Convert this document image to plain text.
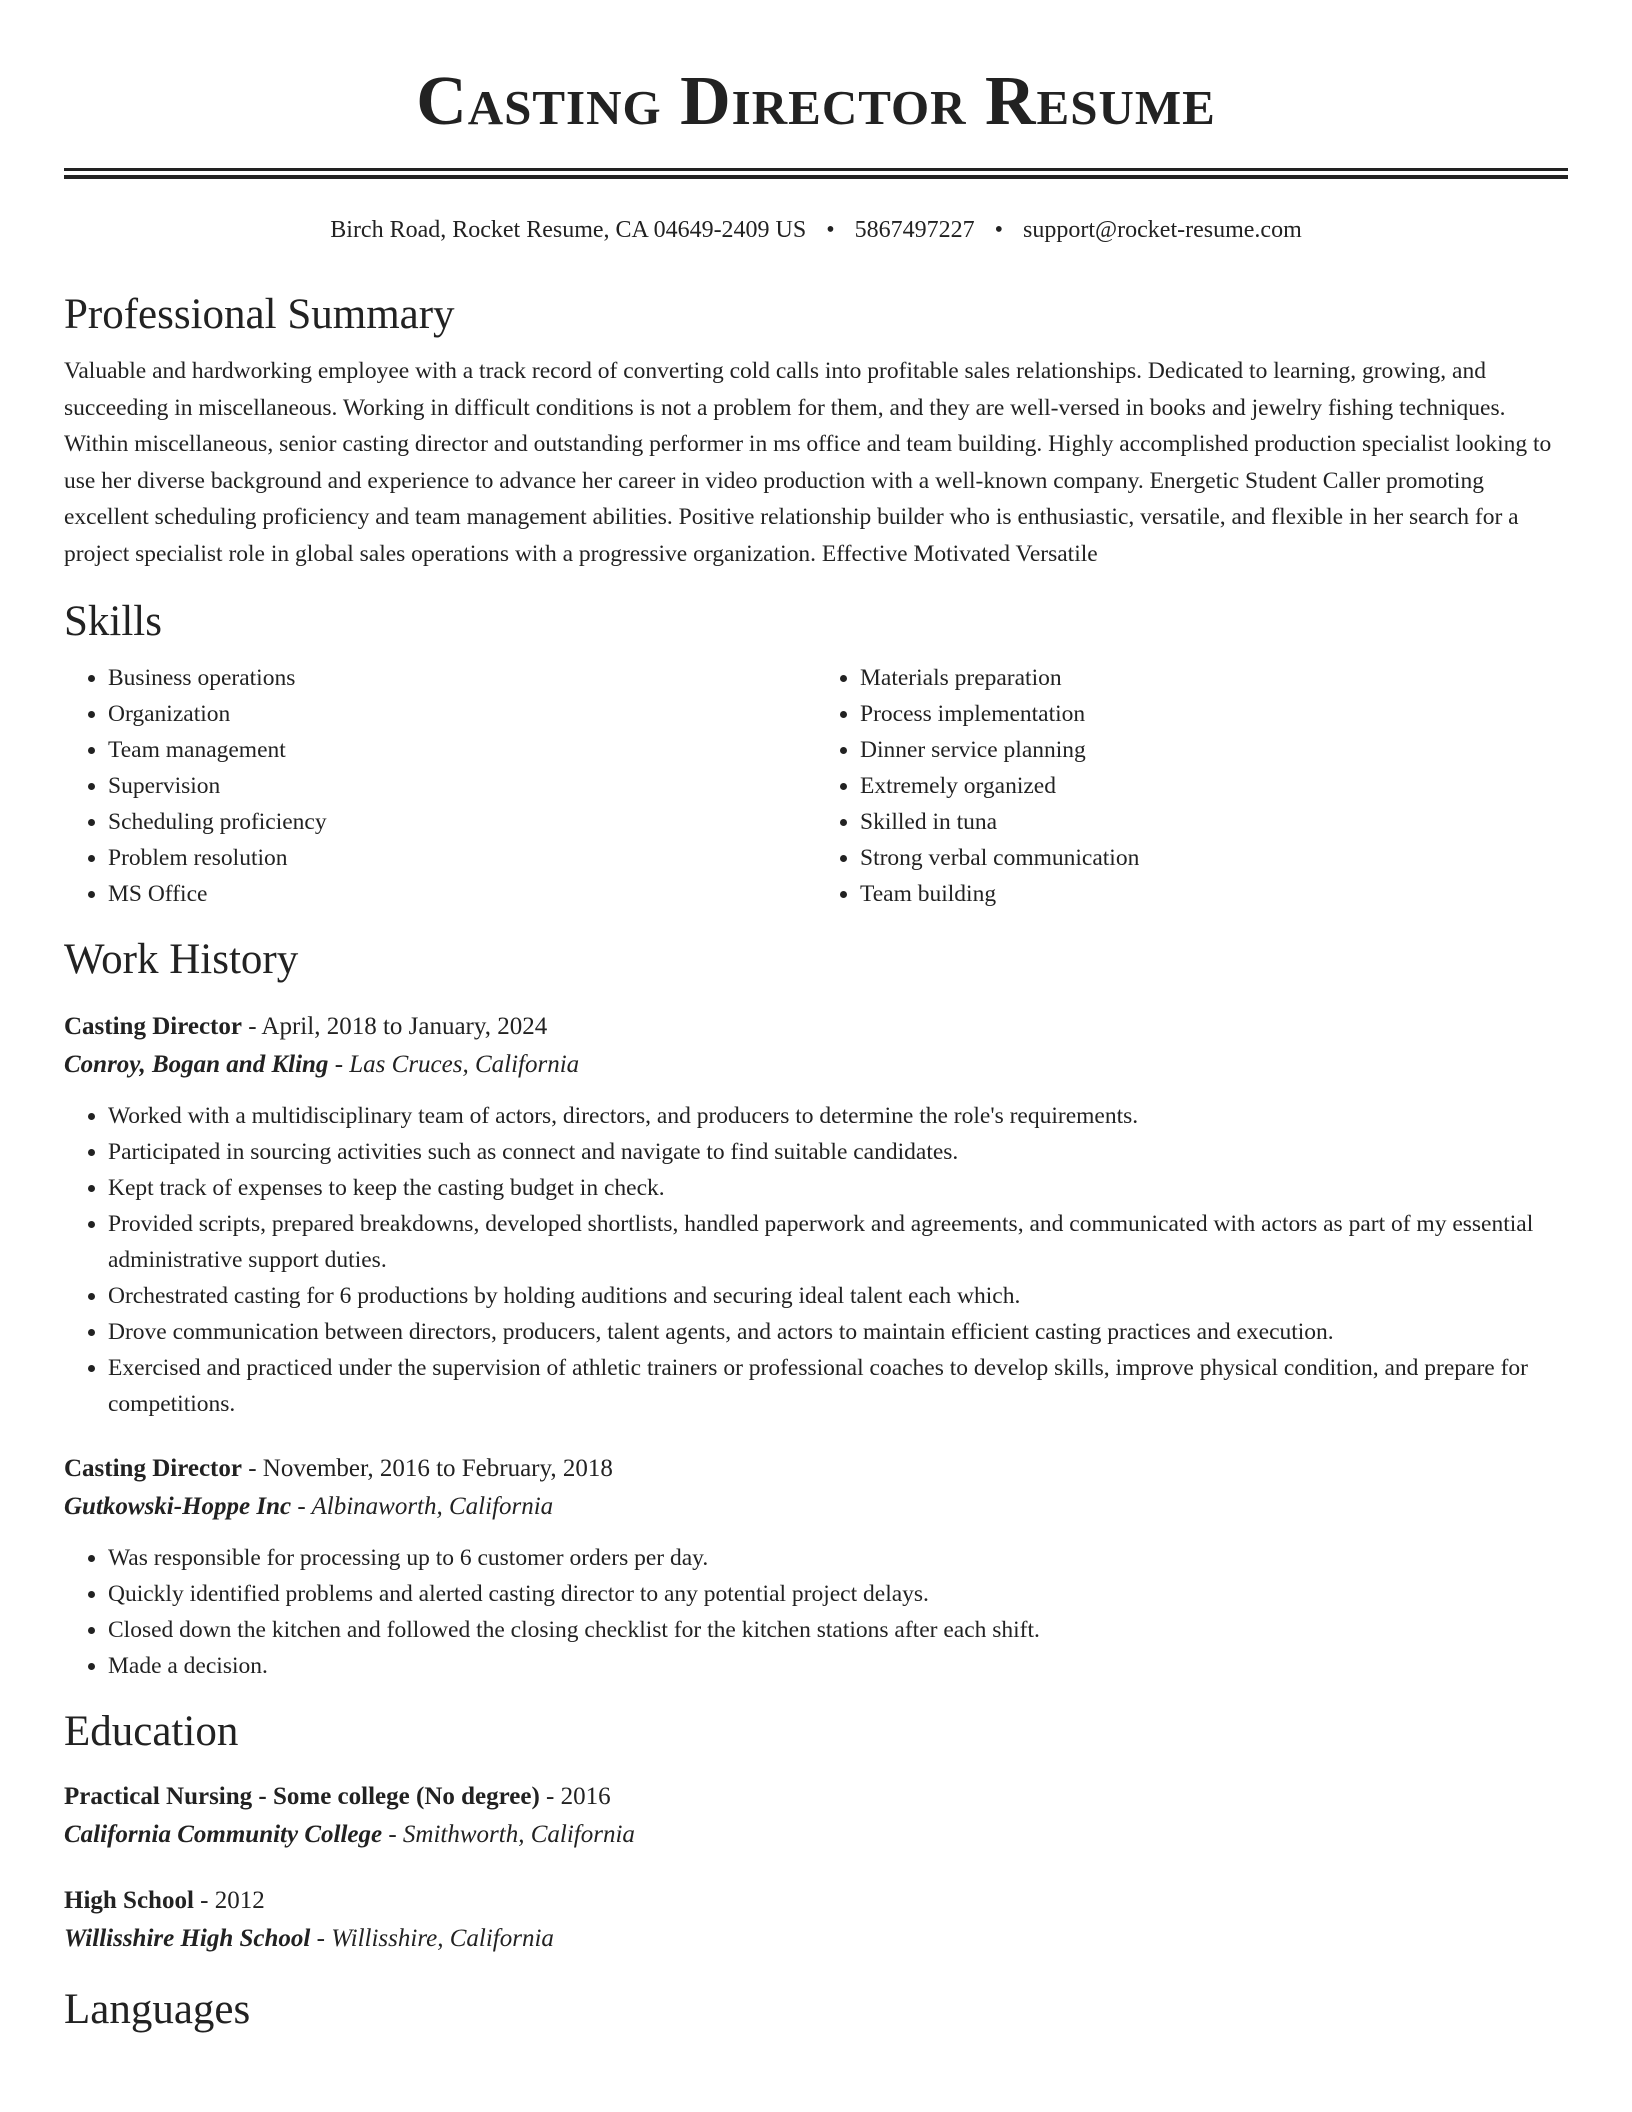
Casting Director Resume
Birch Road, Rocket Resume, CA 04649-2409 US • 5867497227 • support@rocket-resume.com
Professional Summary

Valuable and hardworking employee with a track record of converting cold calls into profitable sales relationships. Dedicated to learning, growing, and succeeding in miscellaneous. Working in difficult conditions is not a problem for them, and they are well-versed in books and jewelry fishing techniques. Within miscellaneous, senior casting director and outstanding performer in ms office and team building. Highly accomplished production specialist looking to use her diverse background and experience to advance her career in video production with a well-known company. Energetic Student Caller promoting excellent scheduling proficiency and team management abilities. Positive relationship builder who is enthusiastic, versatile, and flexible in her search for a project specialist role in global sales operations with a progressive organization. Effective Motivated Versatile

Skills
• Business operations
• Organization
• Team management
• Supervision
• Scheduling proficiency
• Problem resolution
• MS Office
• Materials preparation
• Process implementation
• Dinner service planning
• Extremely organized
• Skilled in tuna
• Strong verbal communication
• Team building
Work History
Casting Director - April, 2018 to January, 2024
Conroy, Bogan and Kling - Las Cruces, California
• Worked with a multidisciplinary team of actors, directors, and producers to determine the role's requirements.
• Participated in sourcing activities such as connect and navigate to find suitable candidates.
• Kept track of expenses to keep the casting budget in check.
• Provided scripts, prepared breakdowns, developed shortlists, handled paperwork and agreements, and communicated with actors as part of my essential administrative support duties.
• Orchestrated casting for 6 productions by holding auditions and securing ideal talent each which.
• Drove communication between directors, producers, talent agents, and actors to maintain efficient casting practices and execution.
• Exercised and practiced under the supervision of athletic trainers or professional coaches to develop skills, improve physical condition, and prepare for competitions.
Casting Director - November, 2016 to February, 2018
Gutkowski-Hoppe Inc - Albinaworth, California
• Was responsible for processing up to 6 customer orders per day.
• Quickly identified problems and alerted casting director to any potential project delays.
• Closed down the kitchen and followed the closing checklist for the kitchen stations after each shift.
• Made a decision.
Education
Practical Nursing - Some college (No degree) - 2016
California Community College - Smithworth, California
High School - 2012
Willisshire High School - Willisshire, California
Languages
